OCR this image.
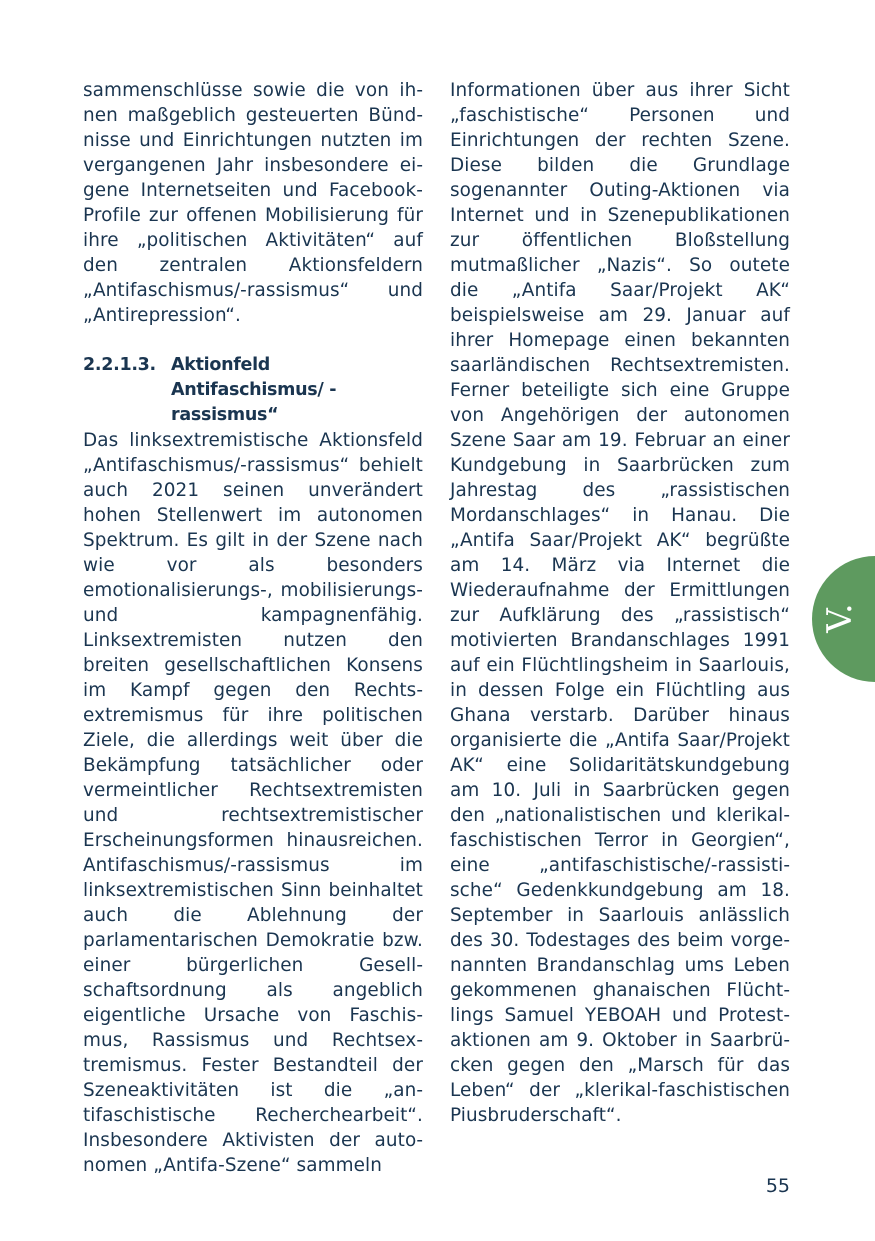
sammenschlüsse sowie die von ihnen maßgeblich gesteuerten Bündnisse und Einrichtungen nutzten im vergangenen Jahr insbesondere eigene Internetseiten und Facebook-Profile zur offenen Mobilisierung für ihre „politischen Aktivitäten“ auf den zentralen Aktionsfeldern „Antifaschismus/-rassismus“ und „Antirepression“.

2.2.1.3. Aktionfeld Antifaschismus/ -rassismus“

Das linksextremistische Aktionsfeld „Antifaschismus/-rassismus“ behielt auch 2021 seinen unverändert hohen Stellenwert im autonomen Spektrum. Es gilt in der Szene nach wie vor als besonders emotionalisierungs-, mobilisierungs- und kampagnenfähig. Linksextremisten nutzen den breiten gesellschaftlichen Konsens im Kampf gegen den Rechtsextremismus für ihre politischen Ziele, die allerdings weit über die Bekämpfung tatsächlicher oder vermeintlicher Rechtsextremisten und rechtsextremistischer Erscheinungsformen hinausreichen. Antifaschismus/-rassismus im linksextremistischen Sinn beinhaltet auch die Ablehnung der parlamentarischen Demokratie bzw. einer bürgerlichen Gesellschaftsordnung als angeblich eigentliche Ursache von Faschismus, Rassismus und Rechtsextremismus. Fester Bestandteil der Szeneaktivitäten ist die „antifaschistische Recherchearbeit“. Insbesondere Aktivisten der autonomen „Antifa-Szene“ sammeln

Informationen über aus ihrer Sicht „faschistische“ Personen und Einrichtungen der rechten Szene. Diese bilden die Grundlage sogenannter Outing-Aktionen via Internet und in Szenepublikationen zur öffentlichen Bloßstellung mutmaßlicher „Nazis“. So outete die „Antifa Saar/Projekt AK“ beispielsweise am 29. Januar auf ihrer Homepage einen bekannten saarländischen Rechtsextremisten. Ferner beteiligte sich eine Gruppe von Angehörigen der autonomen Szene Saar am 19. Februar an einer Kundgebung in Saarbrücken zum Jahrestag des „rassistischen Mordanschlages“ in Hanau. Die „Antifa Saar/Projekt AK“ begrüßte am 14. März via Internet die Wiederaufnahme der Ermittlungen zur Aufklärung des „rassistisch“ motivierten Brandanschlages 1991 auf ein Flüchtlingsheim in Saarlouis, in dessen Folge ein Flüchtling aus Ghana verstarb. Darüber hinaus organisierte die „Antifa Saar/Projekt AK“ eine Solidaritätskundgebung am 10. Juli in Saarbrücken gegen den „nationalistischen und klerikalfaschistischen Terror in Georgien“, eine „antifaschistische/-rassistische“ Gedenkkundgebung am 18. September in Saarlouis anlässlich des 30. Todestages des beim vorgenannten Brandanschlag ums Leben gekommenen ghanaischen Flüchtlings Samuel YEBOAH und Protestaktionen am 9. Oktober in Saarbrücken gegen den „Marsch für das Leben“ der „klerikal-faschistischen Piusbruderschaft“.

V.
55
